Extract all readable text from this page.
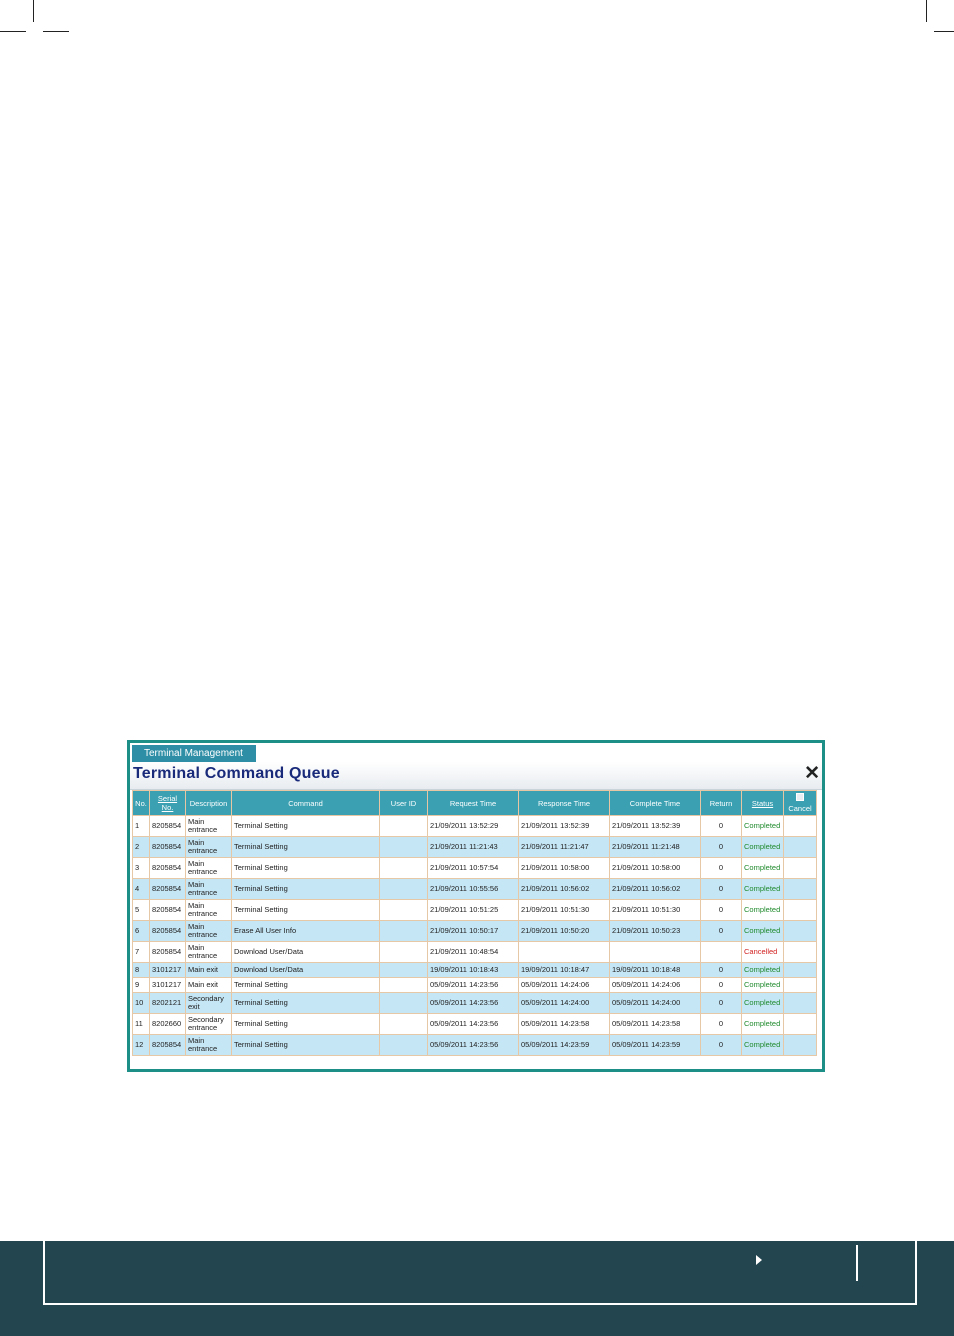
Terminal Management
Terminal Command Queue	✕
No.	Serial No.	Description	Command	User ID	Request Time	Response Time	Complete Time	Return	Status	Cancel
1	8205854	Main entrance	Terminal Setting		21/09/2011 13:52:29	21/09/2011 13:52:39	21/09/2011 13:52:39	0	Completed	
2	8205854	Main entrance	Terminal Setting		21/09/2011 11:21:43	21/09/2011 11:21:47	21/09/2011 11:21:48	0	Completed	
3	8205854	Main entrance	Terminal Setting		21/09/2011 10:57:54	21/09/2011 10:58:00	21/09/2011 10:58:00	0	Completed	
4	8205854	Main entrance	Terminal Setting		21/09/2011 10:55:56	21/09/2011 10:56:02	21/09/2011 10:56:02	0	Completed	
5	8205854	Main entrance	Terminal Setting		21/09/2011 10:51:25	21/09/2011 10:51:30	21/09/2011 10:51:30	0	Completed	
6	8205854	Main entrance	Erase All User Info		21/09/2011 10:50:17	21/09/2011 10:50:20	21/09/2011 10:50:23	0	Completed	
7	8205854	Main entrance	Download User/Data		21/09/2011 10:48:54				Cancelled	
8	3101217	Main exit	Download User/Data		19/09/2011 10:18:43	19/09/2011 10:18:47	19/09/2011 10:18:48	0	Completed	
9	3101217	Main exit	Terminal Setting		05/09/2011 14:23:56	05/09/2011 14:24:06	05/09/2011 14:24:06	0	Completed	
10	8202121	Secondary exit	Terminal Setting		05/09/2011 14:23:56	05/09/2011 14:24:00	05/09/2011 14:24:00	0	Completed	
11	8202660	Secondary entrance	Terminal Setting		05/09/2011 14:23:56	05/09/2011 14:23:58	05/09/2011 14:23:58	0	Completed	
12	8205854	Main entrance	Terminal Setting		05/09/2011 14:23:56	05/09/2011 14:23:59	05/09/2011 14:23:59	0	Completed	
